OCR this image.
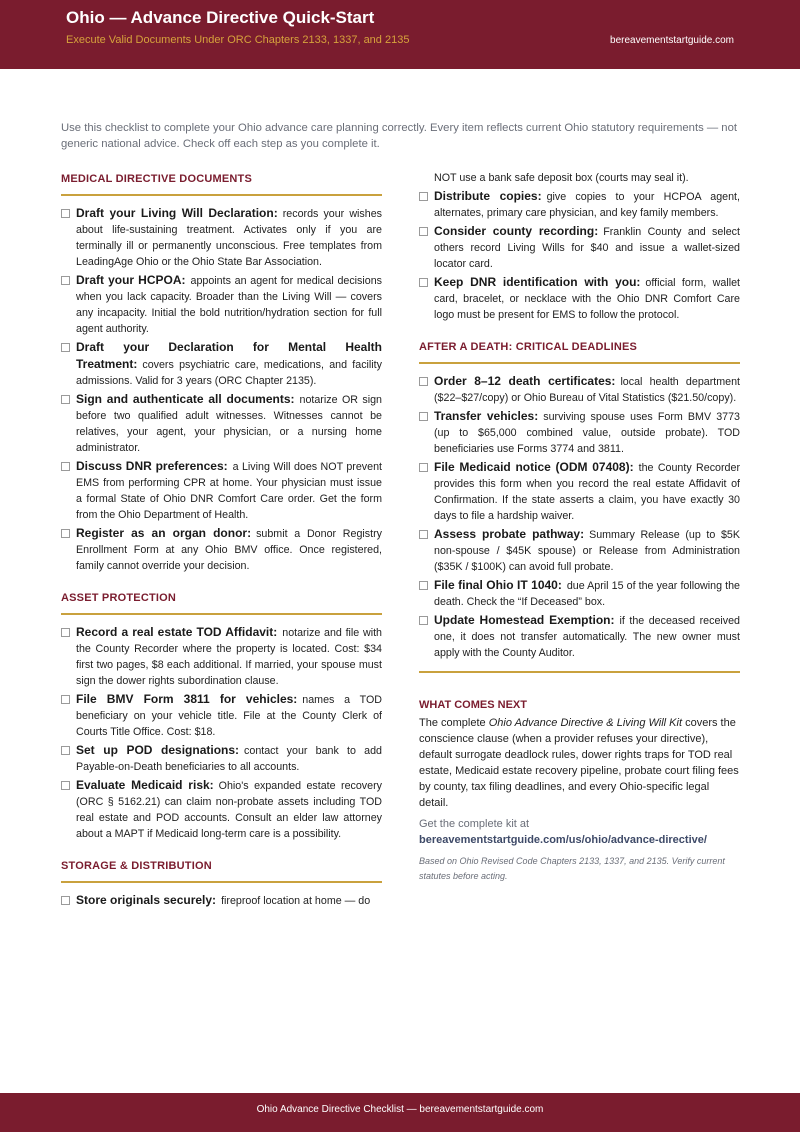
Ohio — Advance Directive Quick-Start
Execute Valid Documents Under ORC Chapters 2133, 1337, and 2135	bereavementstartguide.com
Use this checklist to complete your Ohio advance care planning correctly. Every item reflects current Ohio statutory requirements — not generic national advice. Check off each step as you complete it.
MEDICAL DIRECTIVE DOCUMENTS
Draft your Living Will Declaration: records your wishes about life-sustaining treatment. Activates only if you are terminally ill or permanently unconscious. Free templates from LeadingAge Ohio or the Ohio State Bar Association.
Draft your HCPOA: appoints an agent for medical decisions when you lack capacity. Broader than the Living Will — covers any incapacity. Initial the bold nutrition/hydration section for full agent authority.
Draft your Declaration for Mental Health Treatment: covers psychiatric care, medications, and facility admissions. Valid for 3 years (ORC Chapter 2135).
Sign and authenticate all documents: notarize OR sign before two qualified adult witnesses. Witnesses cannot be relatives, your agent, your physician, or a nursing home administrator.
Discuss DNR preferences: a Living Will does NOT prevent EMS from performing CPR at home. Your physician must issue a formal State of Ohio DNR Comfort Care order. Get the form from the Ohio Department of Health.
Register as an organ donor: submit a Donor Registry Enrollment Form at any Ohio BMV office. Once registered, family cannot override your decision.
ASSET PROTECTION
Record a real estate TOD Affidavit: notarize and file with the County Recorder where the property is located. Cost: $34 first two pages, $8 each additional. If married, your spouse must sign the dower rights subordination clause.
File BMV Form 3811 for vehicles: names a TOD beneficiary on your vehicle title. File at the County Clerk of Courts Title Office. Cost: $18.
Set up POD designations: contact your bank to add Payable-on-Death beneficiaries to all accounts.
Evaluate Medicaid risk: Ohio's expanded estate recovery (ORC § 5162.21) can claim non-probate assets including TOD real estate and POD accounts. Consult an elder law attorney about a MAPT if Medicaid long-term care is a possibility.
STORAGE & DISTRIBUTION
Store originals securely: fireproof location at home — do
NOT use a bank safe deposit box (courts may seal it).
Distribute copies: give copies to your HCPOA agent, alternates, primary care physician, and key family members.
Consider county recording: Franklin County and select others record Living Wills for $40 and issue a wallet-sized locator card.
Keep DNR identification with you: official form, wallet card, bracelet, or necklace with the Ohio DNR Comfort Care logo must be present for EMS to follow the protocol.
AFTER A DEATH: CRITICAL DEADLINES
Order 8–12 death certificates: local health department ($22–$27/copy) or Ohio Bureau of Vital Statistics ($21.50/copy).
Transfer vehicles: surviving spouse uses Form BMV 3773 (up to $65,000 combined value, outside probate). TOD beneficiaries use Forms 3774 and 3811.
File Medicaid notice (ODM 07408): the County Recorder provides this form when you record the real estate Affidavit of Confirmation. If the state asserts a claim, you have exactly 30 days to file a hardship waiver.
Assess probate pathway: Summary Release (up to $5K non-spouse / $45K spouse) or Release from Administration ($35K / $100K) can avoid full probate.
File final Ohio IT 1040: due April 15 of the year following the death. Check the “If Deceased” box.
Update Homestead Exemption: if the deceased received one, it does not transfer automatically. The new owner must apply with the County Auditor.
WHAT COMES NEXT
The complete Ohio Advance Directive & Living Will Kit covers the conscience clause (when a provider refuses your directive), default surrogate deadlock rules, dower rights traps for TOD real estate, Medicaid estate recovery pipeline, probate court filing fees by county, tax filing deadlines, and every Ohio-specific legal detail.
Get the complete kit at
bereavementstartguide.com/us/ohio/advance-directive/
Based on Ohio Revised Code Chapters 2133, 1337, and 2135. Verify current statutes before acting.
Ohio Advance Directive Checklist — bereavementstartguide.com
